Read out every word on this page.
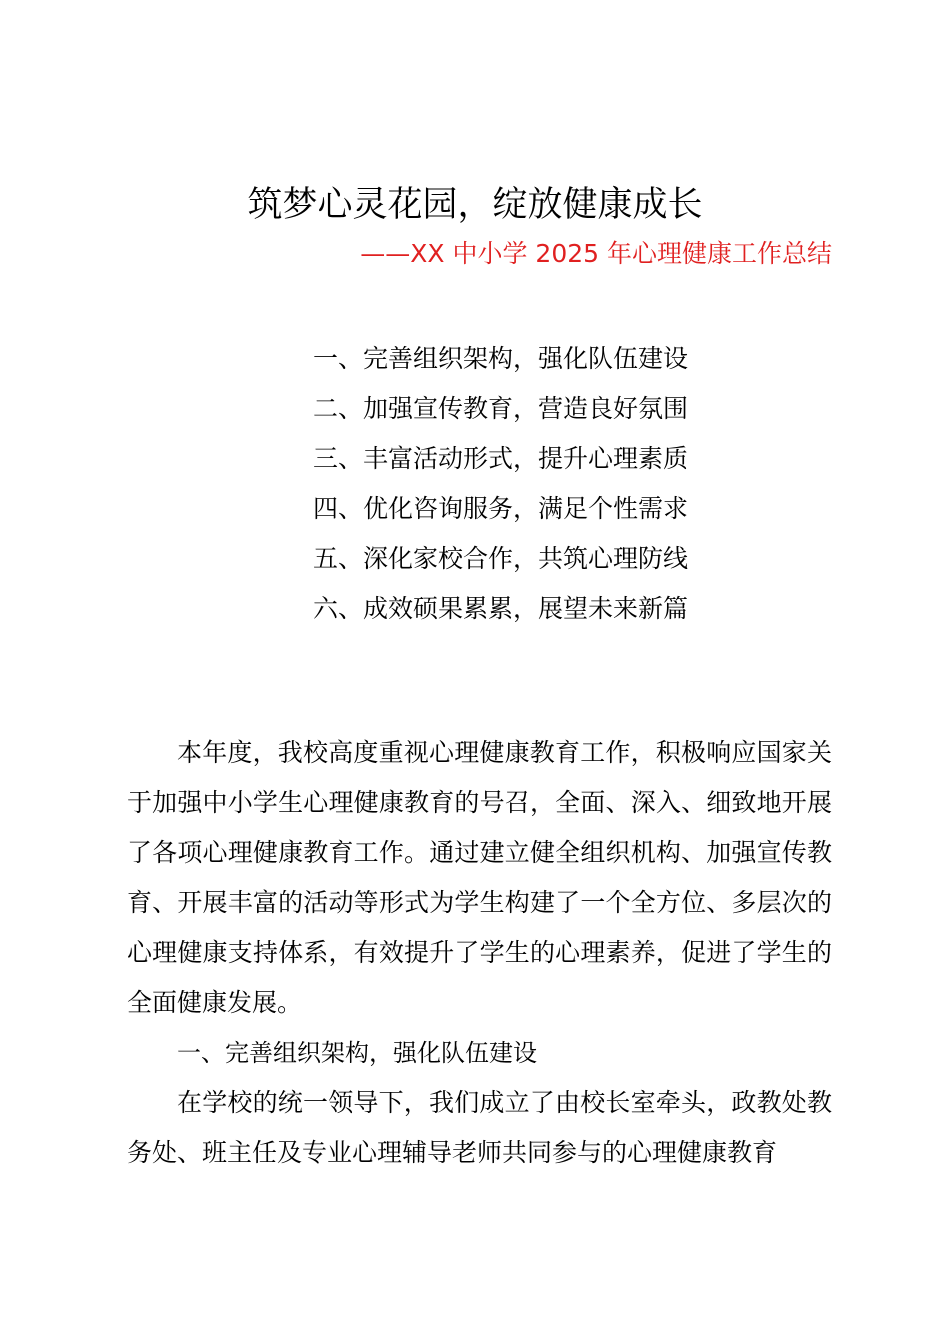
筑梦心灵花园，绽放健康成长
——XX 中小学 2025 年心理健康工作总结
一、完善组织架构，强化队伍建设
二、加强宣传教育，营造良好氛围
三、丰富活动形式，提升心理素质
四、优化咨询服务，满足个性需求
五、深化家校合作，共筑心理防线
六、成效硕果累累，展望未来新篇

本年度，我校高度重视心理健康教育工作，积极响应国家关于加强中小学生心理健康教育的号召，全面、深入、细致地开展了各项心理健康教育工作。通过建立健全组织机构、加强宣传教育、开展丰富的活动等形式为学生构建了一个全方位、多层次的心理健康支持体系，有效提升了学生的心理素养，促进了学生的全面健康发展。

一、完善组织架构，强化队伍建设

在学校的统一领导下，我们成立了由校长室牵头，政教处教务处、班主任及专业心理辅导老师共同参与的心理健康教育
